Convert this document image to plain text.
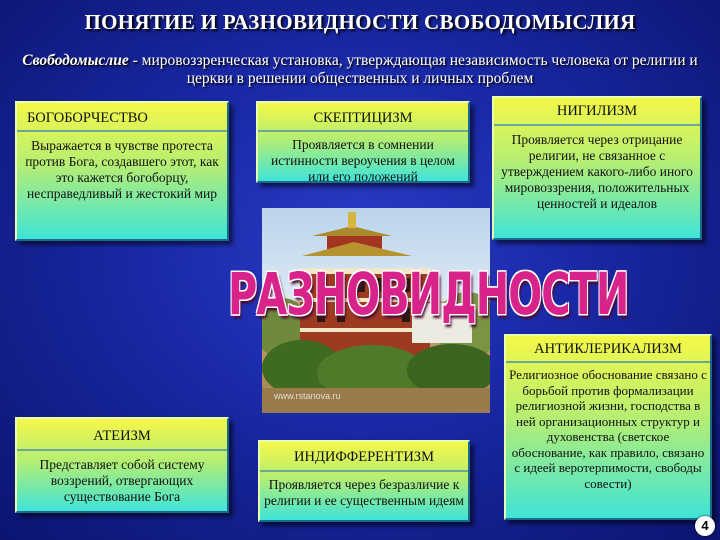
ПОНЯТИЕ И РАЗНОВИДНОСТИ СВОБОДОМЫСЛИЯ
Свободомыслие - мировоззренческая установка, утверждающая независимость человека от религии и церкви в решении общественных и личных проблем
БОГОБОРЧЕСТВО
Выражается в чувстве протеста против Бога, создавшего этот, как это кажется богоборцу, несправедливый и жестокий мир
СКЕПТИЦИЗМ
Проявляется в сомнении истинности вероучения в целом или его положений
НИГИЛИЗМ
Проявляется через отрицание религии, не связанное с утверждением какого-либо иного мировоззрения, положительных ценностей и идеалов
www.rstanova.ru
РАЗНОВИДНОСТИ
АНТИКЛЕРИКАЛИЗМ
Религиозное обоснование связано с борьбой против формализации религиозной жизни, господства в ней организационных структур и духовенства (светское обоснование, как правило, связано с идеей веротерпимости, свободы совести)
АТЕИЗМ
Представляет собой систему воззрений, отвергающих существование Бога
ИНДИФФЕРЕНТИЗМ
Проявляется через безразличие к религии и ее существенным идеям
4
